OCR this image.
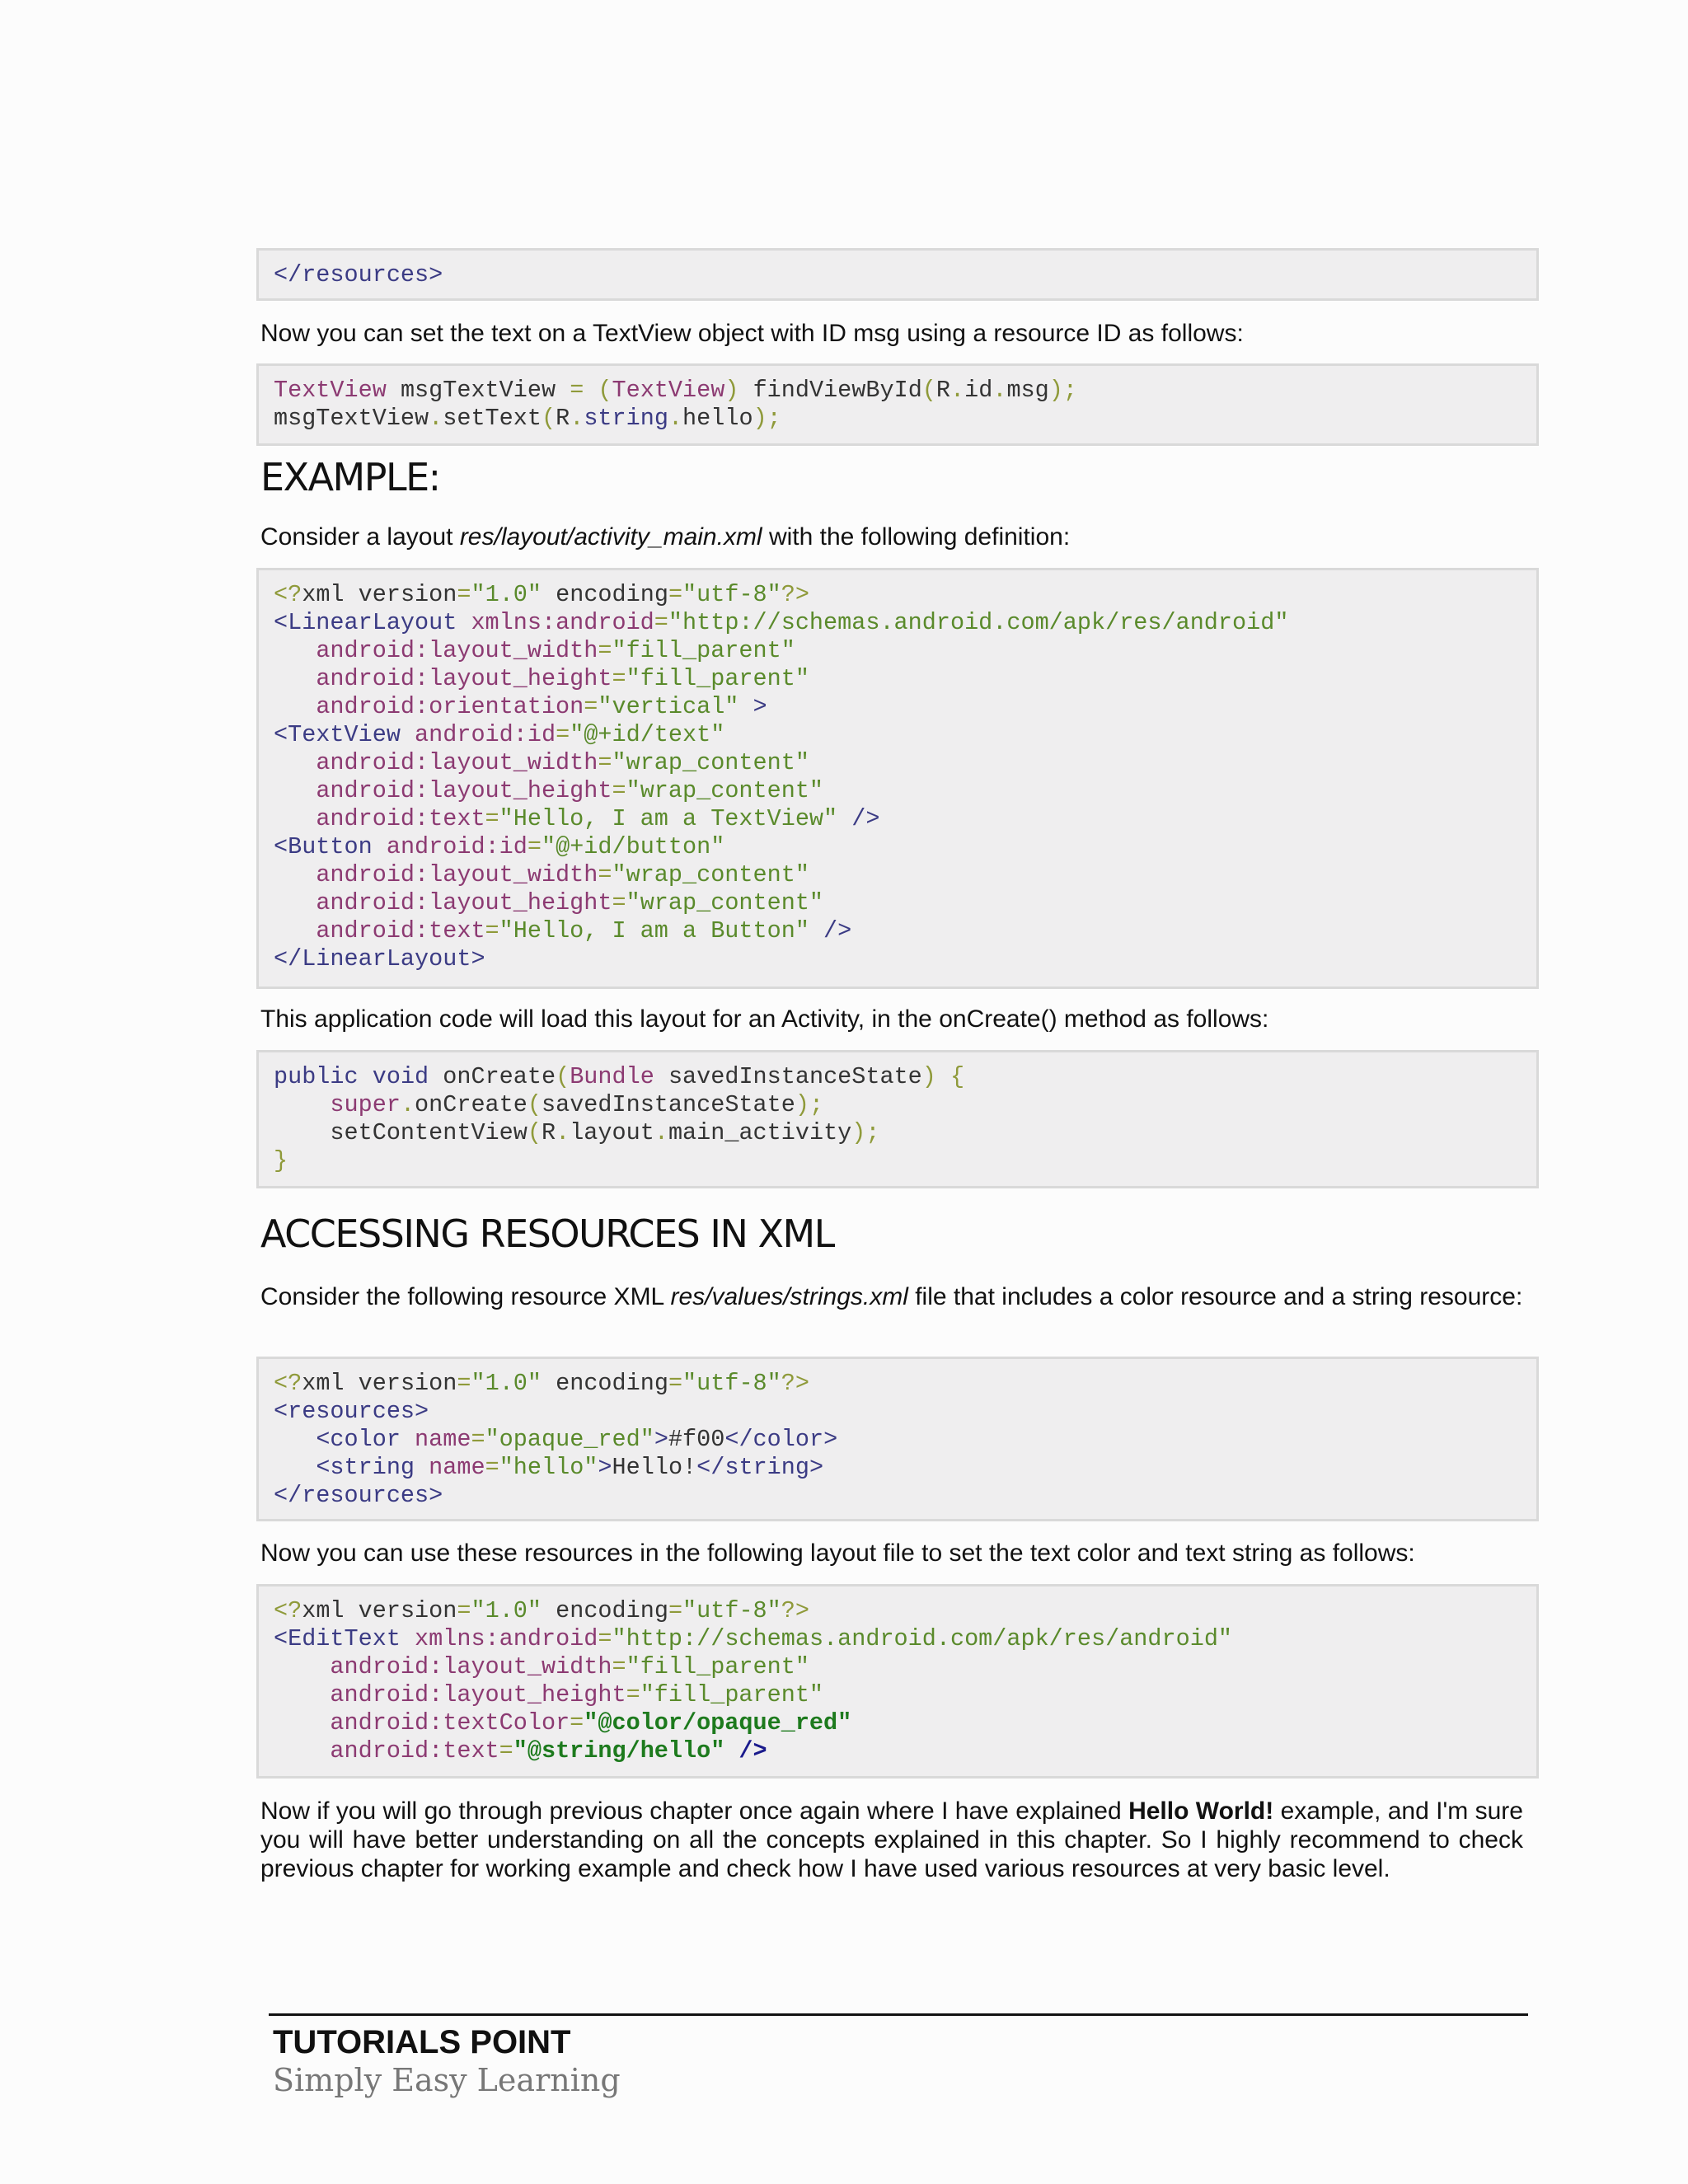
</resources>
Now you can set the text on a TextView object with ID msg using a resource ID as follows:
TextView msgTextView = (TextView) findViewById(R.id.msg);
msgTextView.setText(R.string.hello);
EXAMPLE:
Consider a layout res/layout/activity_main.xml with the following definition:
<?xml version="1.0" encoding="utf-8"?>
<LinearLayout xmlns:android="http://schemas.android.com/apk/res/android"
android:layout_width="fill_parent"
android:layout_height="fill_parent"
android:orientation="vertical" >
<TextView android:id="@+id/text"
android:layout_width="wrap_content"
android:layout_height="wrap_content"
android:text="Hello, I am a TextView" />
<Button android:id="@+id/button"
android:layout_width="wrap_content"
android:layout_height="wrap_content"
android:text="Hello, I am a Button" />
</LinearLayout>
This application code will load this layout for an Activity, in the onCreate() method as follows:
public void onCreate(Bundle savedInstanceState) {
super.onCreate(savedInstanceState);
setContentView(R.layout.main_activity);
}
ACCESSING RESOURCES IN XML
Consider the following resource XML res/values/strings.xml file that includes a color resource and a string resource:
<?xml version="1.0" encoding="utf-8"?>
<resources>
<color name="opaque_red">#f00</color>
<string name="hello">Hello!</string>
</resources>
Now you can use these resources in the following layout file to set the text color and text string as follows:
<?xml version="1.0" encoding="utf-8"?>
<EditText xmlns:android="http://schemas.android.com/apk/res/android"
android:layout_width="fill_parent"
android:layout_height="fill_parent"
android:textColor="@color/opaque_red"
android:text="@string/hello" />
Now if you will go through previous chapter once again where I have explained Hello World! example, and I'm sure you will have better understanding on all the concepts explained in this chapter. So I highly recommend to check previous chapter for working example and check how I have used various resources at very basic level.
TUTORIALS POINT
Simply Easy Learning
